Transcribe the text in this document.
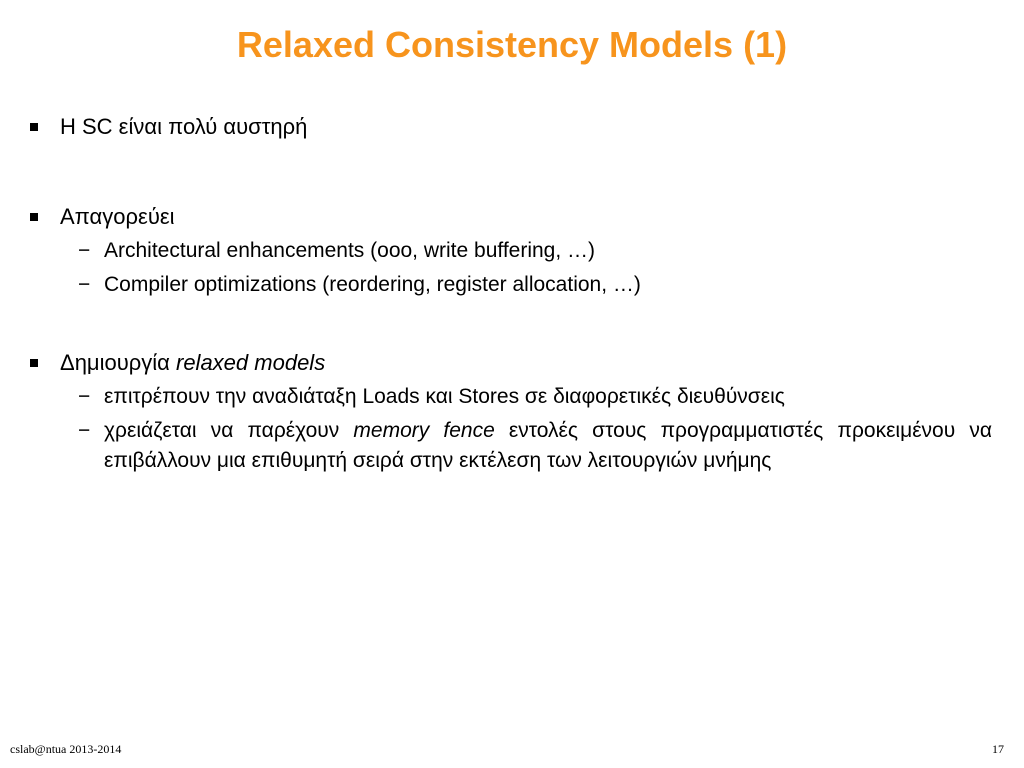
Relaxed Consistency Models (1)
Η SC είναι πολύ αυστηρή
Απαγορεύει
− Architectural enhancements (ooo, write buffering, …)
− Compiler optimizations (reordering, register allocation, …)
Δημιουργία relaxed models
− επιτρέπουν την αναδιάταξη Loads και Stores σε διαφορετικές διευθύνσεις
− χρειάζεται να παρέχουν memory fence εντολές στους προγραμματιστές προκειμένου να επιβάλλουν μια επιθυμητή σειρά στην εκτέλεση των λειτουργιών μνήμης
cslab@ntua 2013-2014	17
